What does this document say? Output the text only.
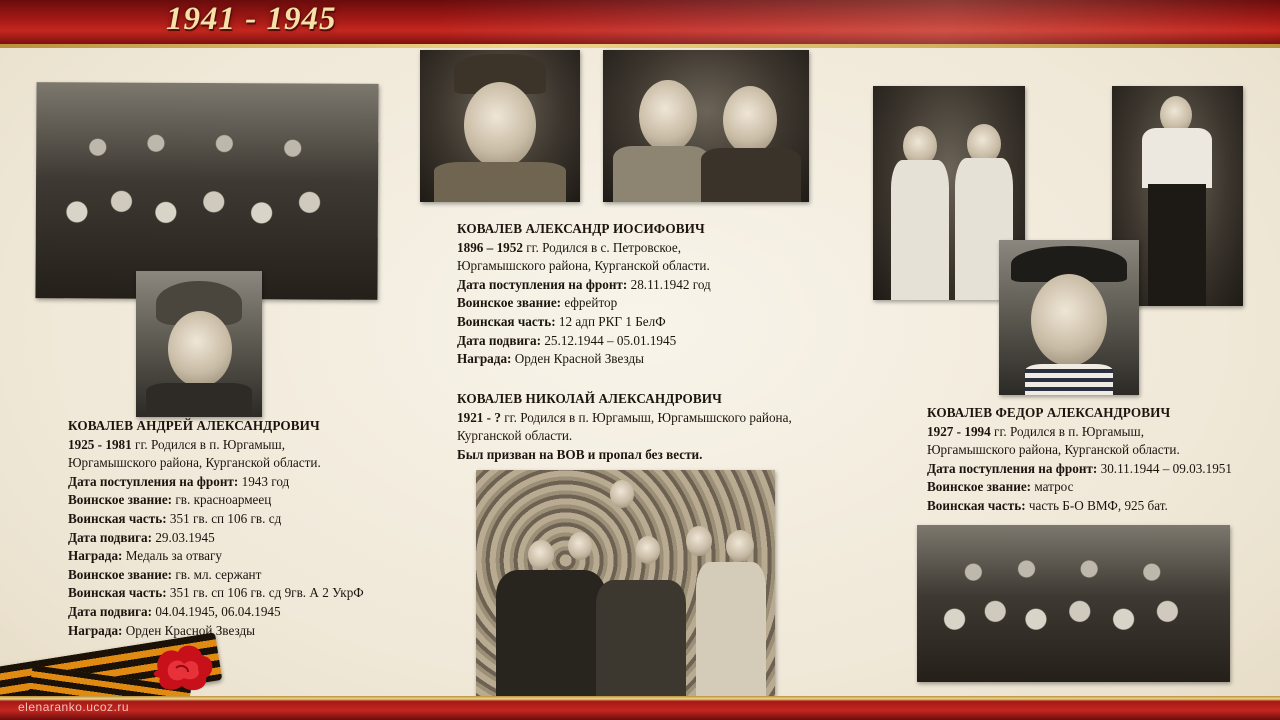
1941 - 1945
elenaranko.ucoz.ru
КОВАЛЕВ АНДРЕЙ АЛЕКСАНДРОВИЧ
1925 - 1981 гг. Родился в п. Юргамыш,
Юргамышского района, Курганской области.
Дата поступления на фронт: 1943 год
Воинское звание: гв. красноармеец
Воинская часть: 351 гв. сп 106 гв. сд
Дата подвига: 29.03.1945
Награда: Медаль за отвагу
Воинское звание: гв. мл. сержант
Воинская часть: 351 гв. сп 106 гв. сд 9гв. А 2 УкрФ
Дата подвига: 04.04.1945, 06.04.1945
Награда: Орден Красной Звезды
КОВАЛЕВ АЛЕКСАНДР ИОСИФОВИЧ
1896 – 1952 гг. Родился в с. Петровское,
Юргамышского района, Курганской области.
Дата поступления на фронт: 28.11.1942 год
Воинское звание: ефрейтор
Воинская часть: 12 адп РКГ 1 БелФ
Дата подвига: 25.12.1944 – 05.01.1945
Награда: Орден Красной Звезды
КОВАЛЕВ НИКОЛАЙ АЛЕКСАНДРОВИЧ
1921 - ? гг. Родился в п. Юргамыш, Юргамышского района,
Курганской области.
Был призван на ВОВ и пропал без вести.
КОВАЛЕВ ФЕДОР АЛЕКСАНДРОВИЧ
1927 - 1994 гг. Родился в п. Юргамыш,
Юргамышского района, Курганской области.
Дата поступления на фронт: 30.11.1944 – 09.03.1951
Воинское звание: матрос
Воинская часть: часть Б-О ВМФ, 925 бат.
